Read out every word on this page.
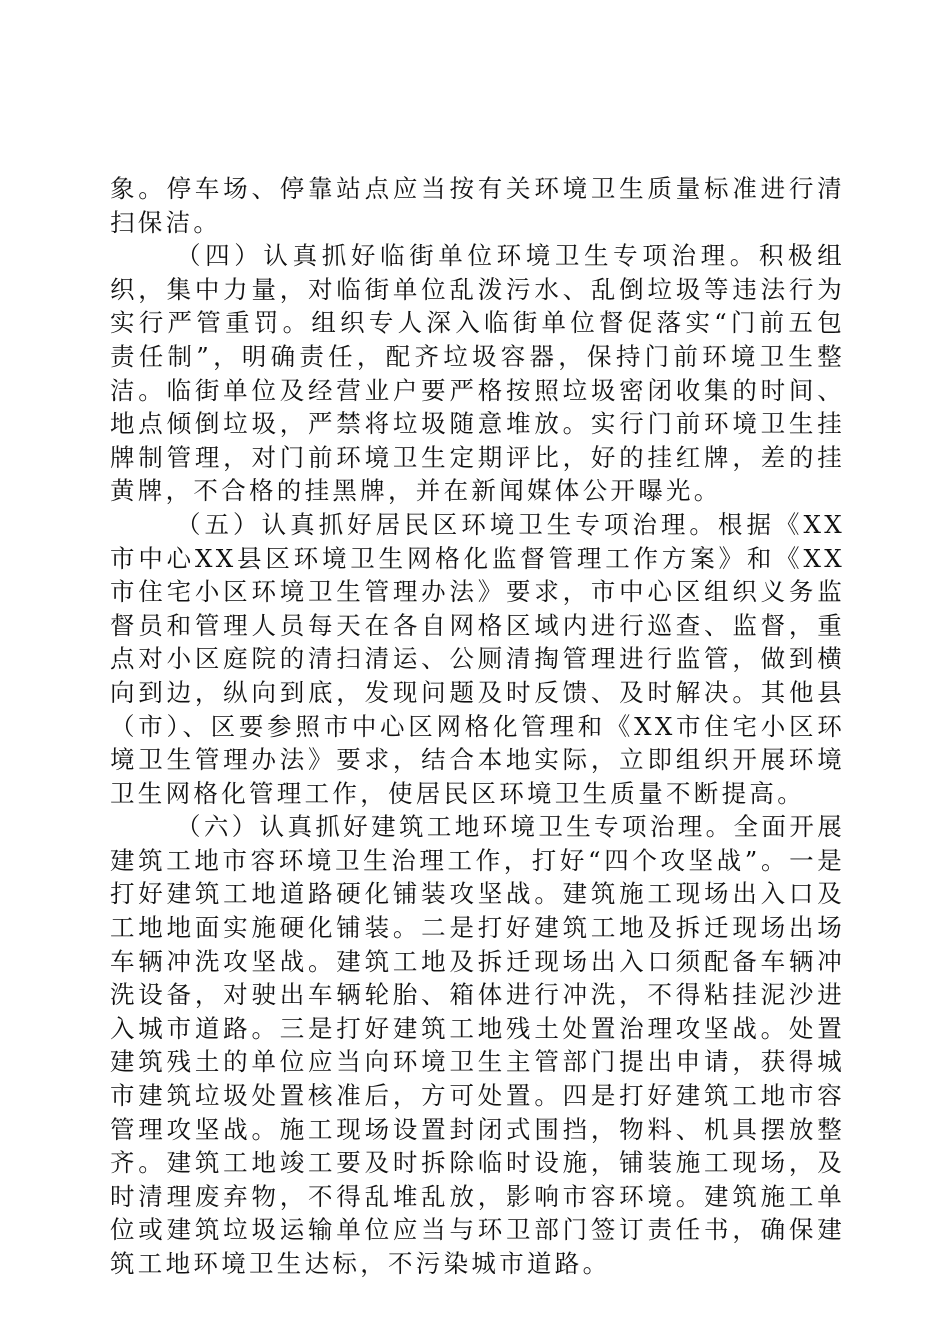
象。停车场、停靠站点应当按有关环境卫生质量标准进行清扫保洁。

（四）认真抓好临街单位环境卫生专项治理。积极组织，集中力量，对临街单位乱泼污水、乱倒垃圾等违法行为实行严管重罚。组织专人深入临街单位督促落实“门前五包责任制”，明确责任，配齐垃圾容器，保持门前环境卫生整洁。临街单位及经营业户要严格按照垃圾密闭收集的时间、地点倾倒垃圾，严禁将垃圾随意堆放。实行门前环境卫生挂牌制管理，对门前环境卫生定期评比，好的挂红牌，差的挂黄牌，不合格的挂黑牌，并在新闻媒体公开曝光。

（五）认真抓好居民区环境卫生专项治理。根据《XX市中心XX县区环境卫生网格化监督管理工作方案》和《XX市住宅小区环境卫生管理办法》要求，市中心区组织义务监督员和管理人员每天在各自网格区域内进行巡查、监督，重点对小区庭院的清扫清运、公厕清掏管理进行监管，做到横向到边，纵向到底，发现问题及时反馈、及时解决。其他县（市）、区要参照市中心区网格化管理和《XX市住宅小区环境卫生管理办法》要求，结合本地实际，立即组织开展环境卫生网格化管理工作，使居民区环境卫生质量不断提高。

（六）认真抓好建筑工地环境卫生专项治理。全面开展建筑工地市容环境卫生治理工作，打好“四个攻坚战”。一是打好建筑工地道路硬化铺装攻坚战。建筑施工现场出入口及工地地面实施硬化铺装。二是打好建筑工地及拆迁现场出场车辆冲洗攻坚战。建筑工地及拆迁现场出入口须配备车辆冲洗设备，对驶出车辆轮胎、箱体进行冲洗，不得粘挂泥沙进入城市道路。三是打好建筑工地残土处置治理攻坚战。处置建筑残土的单位应当向环境卫生主管部门提出申请，获得城市建筑垃圾处置核准后，方可处置。四是打好建筑工地市容管理攻坚战。施工现场设置封闭式围挡，物料、机具摆放整齐。建筑工地竣工要及时拆除临时设施，铺装施工现场，及时清理废弃物，不得乱堆乱放，影响市容环境。建筑施工单位或建筑垃圾运输单位应当与环卫部门签订责任书，确保建筑工地环境卫生达标，不污染城市道路。
